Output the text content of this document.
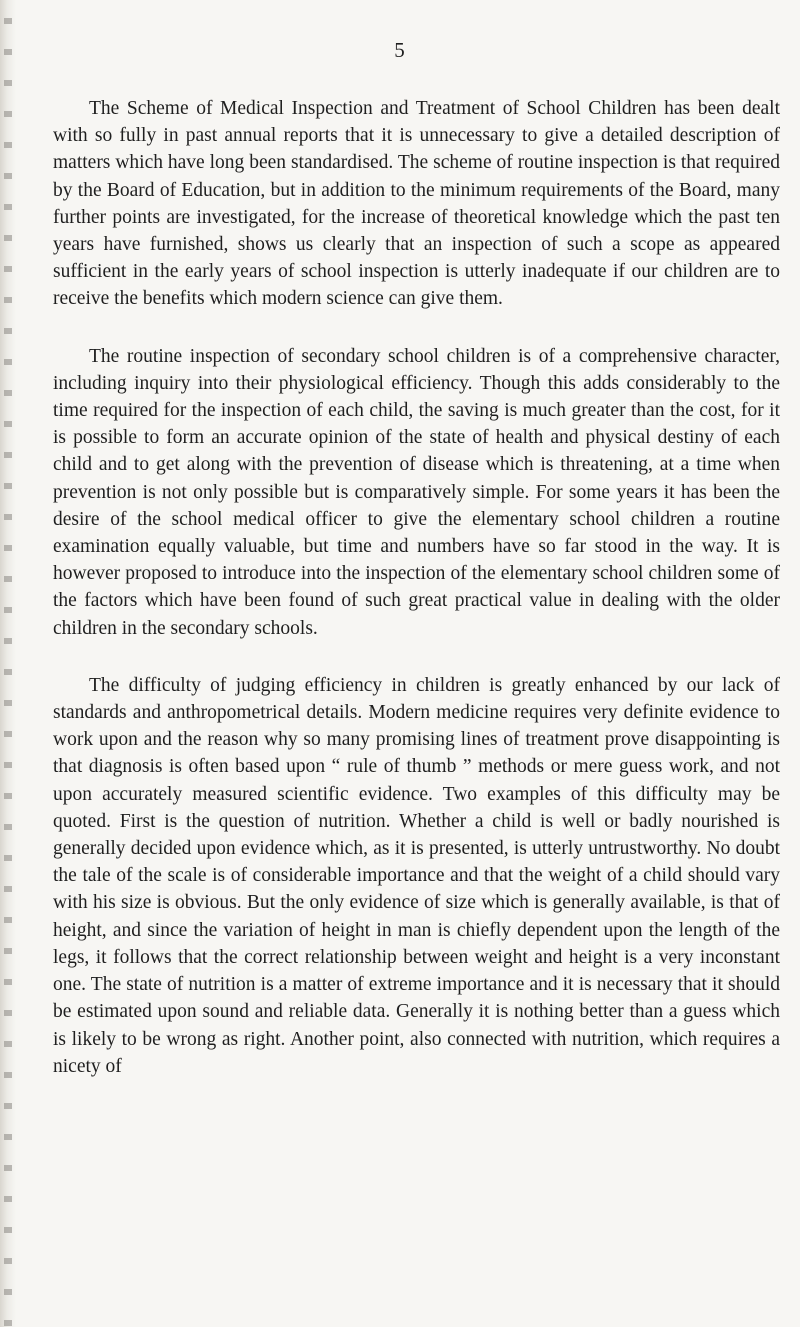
5

The Scheme of Medical Inspection and Treatment of School Children has been dealt with so fully in past annual reports that it is unnecessary to give a detailed description of matters which have long been standardised. The scheme of routine inspection is that required by the Board of Education, but in addition to the minimum requirements of the Board, many further points are investigated, for the increase of theoretical knowledge which the past ten years have furnished, shows us clearly that an inspection of such a scope as appeared sufficient in the early years of school inspection is utterly inadequate if our children are to receive the benefits which modern science can give them.

The routine inspection of secondary school children is of a comprehensive character, including inquiry into their physiological efficiency. Though this adds considerably to the time required for the inspection of each child, the saving is much greater than the cost, for it is possible to form an accurate opinion of the state of health and physical destiny of each child and to get along with the prevention of disease which is threatening, at a time when prevention is not only possible but is comparatively simple. For some years it has been the desire of the school medical officer to give the elementary school children a routine examination equally valuable, but time and numbers have so far stood in the way. It is however proposed to introduce into the inspection of the elementary school children some of the factors which have been found of such great practical value in dealing with the older children in the secondary schools.

The difficulty of judging efficiency in children is greatly enhanced by our lack of standards and anthropometrical details. Modern medicine requires very definite evidence to work upon and the reason why so many promising lines of treatment prove disappointing is that diagnosis is often based upon “ rule of thumb ” methods or mere guess work, and not upon accurately measured scientific evidence. Two examples of this difficulty may be quoted. First is the question of nutrition. Whether a child is well or badly nourished is generally decided upon evidence which, as it is presented, is utterly untrustworthy. No doubt the tale of the scale is of considerable importance and that the weight of a child should vary with his size is obvious. But the only evidence of size which is generally available, is that of height, and since the variation of height in man is chiefly dependent upon the length of the legs, it follows that the correct relationship between weight and height is a very inconstant one. The state of nutrition is a matter of extreme importance and it is necessary that it should be estimated upon sound and reliable data. Generally it is nothing better than a guess which is likely to be wrong as right. Another point, also connected with nutrition, which requires a nicety of
